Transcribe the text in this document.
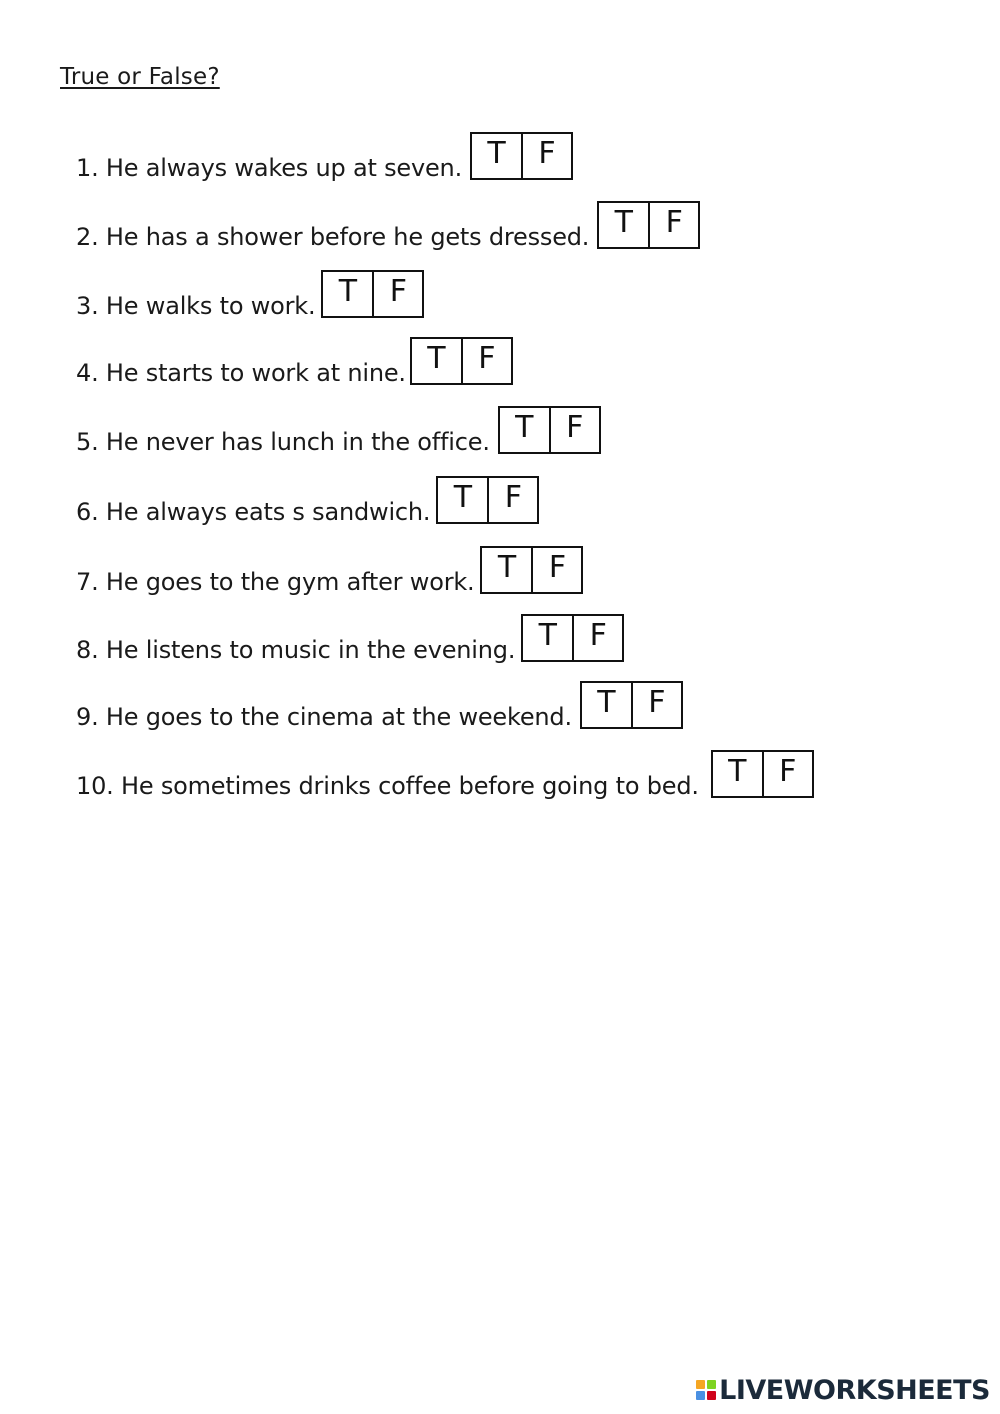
True or False?
1. He always wakes up at seven. T	F
2. He has a shower before he gets dressed. T	F
3. He walks to work. T	F
4. He starts to work at nine. T	F
5. He never has lunch in the office. T	F
6. He always eats s sandwich. T	F
7. He goes to the gym after work. T	F
8. He listens to music in the evening. T	F
9. He goes to the cinema at the weekend. T	F
10. He sometimes drinks coffee before going to bed. T	F
LIVEWORKSHEETS
